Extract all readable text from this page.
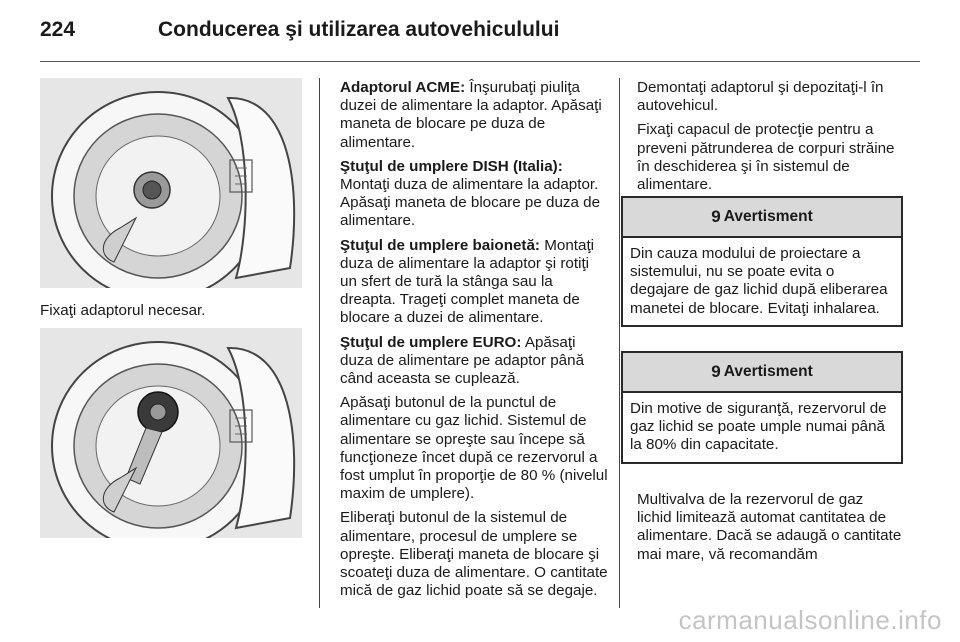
224	Conducerea şi utilizarea autovehiculului
Fixaţi adaptorul necesar.

Adaptorul ACME: Înşurubaţi piuliţa duzei de alimentare la adaptor. Apăsaţi maneta de blocare pe duza de alimentare.

Ştuţul de umplere DISH (Italia): Montaţi duza de alimentare la adaptor. Apăsaţi maneta de blocare pe duza de alimentare.

Ştuţul de umplere baionetă: Montaţi duza de alimentare la adaptor şi rotiţi un sfert de tură la stânga sau la dreapta. Trageţi complet maneta de blocare a duzei de alimentare.

Ştuţul de umplere EURO: Apăsaţi duza de alimentare pe adaptor până când aceasta se cuplează.

Apăsaţi butonul de la punctul de alimentare cu gaz lichid. Sistemul de alimentare se opreşte sau începe să funcţioneze încet după ce rezervorul a fost umplut în proporţie de 80 % (nivelul maxim de umplere).

Eliberaţi butonul de la sistemul de alimentare, procesul de umplere se opreşte. Eliberaţi maneta de blocare şi scoateţi duza de alimentare. O cantitate mică de gaz lichid poate să se degaje.

Demontaţi adaptorul şi depozitaţi-l în autovehicul.

Fixaţi capacul de protecţie pentru a preveni pătrunderea de corpuri străine în deschiderea şi în sistemul de alimentare.

9 Avertisment
Din cauza modului de proiectare a sistemului, nu se poate evita o degajare de gaz lichid după eliberarea manetei de blocare. Evitaţi inhalarea.
9 Avertisment
Din motive de siguranţă, rezervorul de gaz lichid se poate umple numai până la 80% din capacitate.

Multivalva de la rezervorul de gaz lichid limitează automat cantitatea de alimentare. Dacă se adaugă o cantitate mai mare, vă recomandăm

carmanualsonline.info
